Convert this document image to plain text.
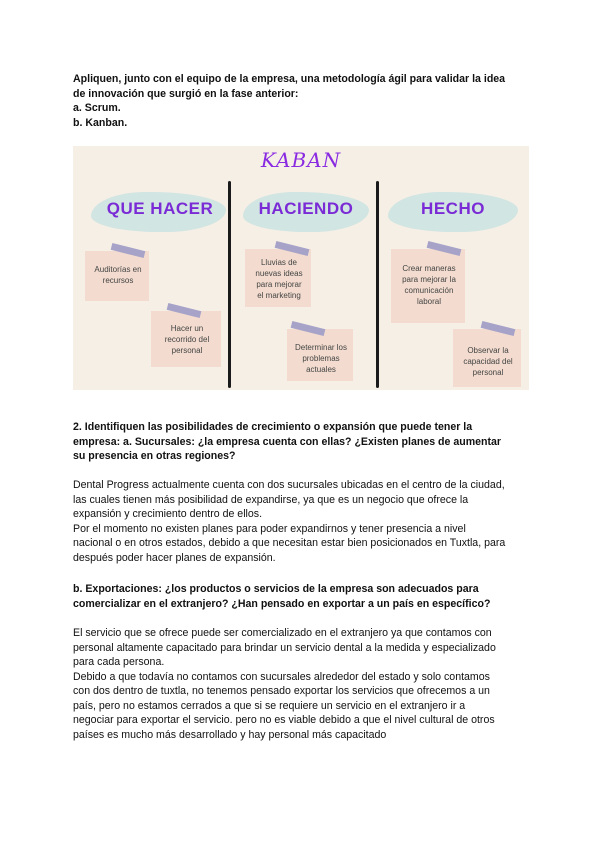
Apliquen, junto con el equipo de la empresa, una metodología ágil para validar la idea
de innovación que surgió en la fase anterior:
a. Scrum.
b. Kanban.
KABAN
QUE HACER	HACIENDO	HECHO
Auditorías en
recursos
Hacer un
recorrido del
personal
Lluvias de
nuevas ideas
para mejorar
el marketing
Determinar los
problemas
actuales
Crear maneras
para mejorar la
comunicación
laboral
Observar la
capacidad del
personal
2. Identifiquen las posibilidades de crecimiento o expansión que puede tener la
empresa: a. Sucursales: ¿la empresa cuenta con ellas? ¿Existen planes de aumentar
su presencia en otras regiones?
Dental Progress actualmente cuenta con dos sucursales ubicadas en el centro de la ciudad,
las cuales tienen más posibilidad de expandirse, ya que es un negocio que ofrece la
expansión y crecimiento dentro de ellos.
Por el momento no existen planes para poder expandirnos y tener presencia a nivel
nacional o en otros estados, debido a que necesitan estar bien posicionados en Tuxtla, para
después poder hacer planes de expansión.
b. Exportaciones: ¿los productos o servicios de la empresa son adecuados para
comercializar en el extranjero? ¿Han pensado en exportar a un país en específico?
El servicio que se ofrece puede ser comercializado en el extranjero ya que contamos con
personal altamente capacitado para brindar un servicio dental a la medida y especializado
para cada persona.
Debido a que todavía no contamos con sucursales alrededor del estado y solo contamos
con dos dentro de tuxtla, no tenemos pensado exportar los servicios que ofrecemos a un
país, pero no estamos cerrados a que si se requiere un servicio en el extranjero ir a
negociar para exportar el servicio. pero no es viable debido a que el nivel cultural de otros
países es mucho más desarrollado y hay personal más capacitado
